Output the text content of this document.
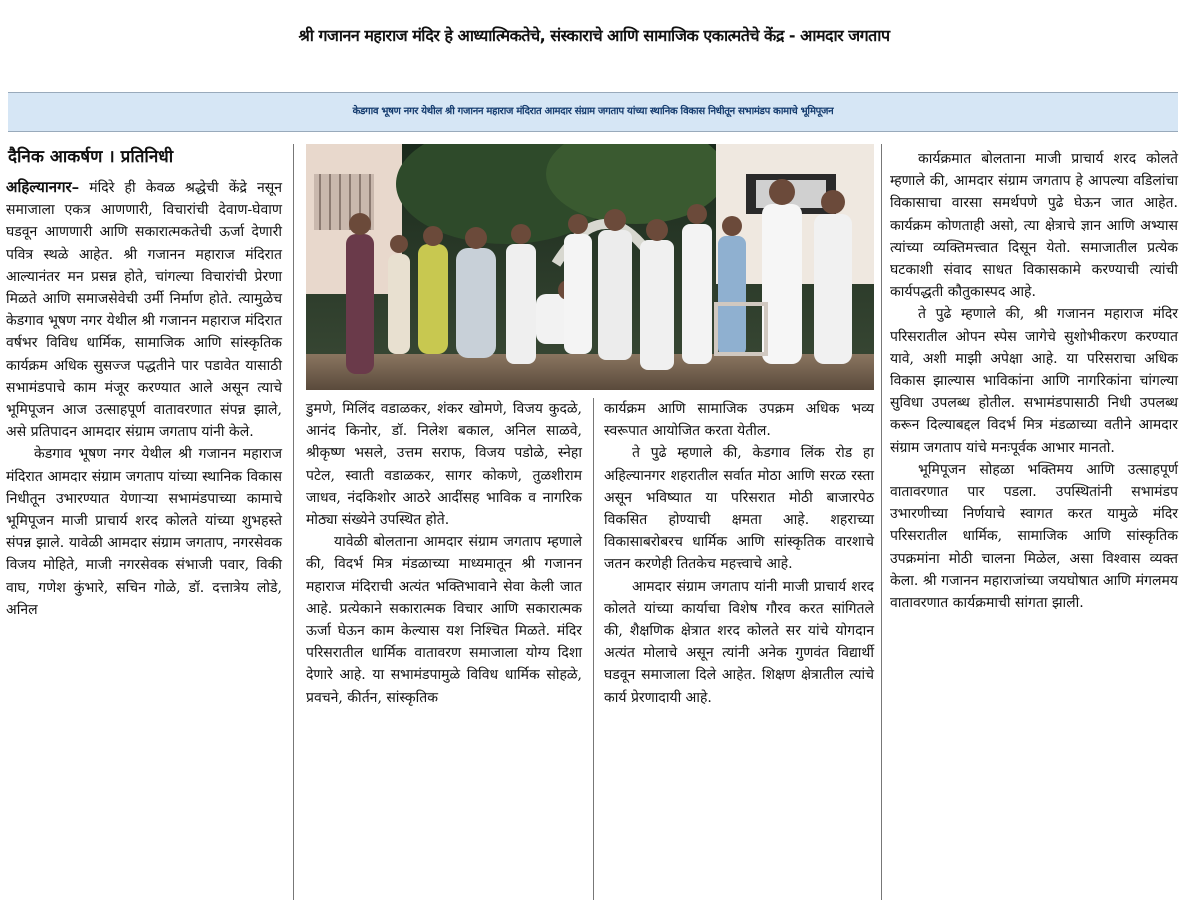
श्री गजानन महाराज मंदिर हे आध्यात्मिकतेचे, संस्काराचे आणि सामाजिक एकात्मतेचे केंद्र - आमदार जगताप
केडगाव भूषण नगर येथील श्री गजानन महाराज मंदिरात आमदार संग्राम जगताप यांच्या स्थानिक विकास निधीतून सभामंडप कामाचे भूमिपूजन
दैनिक आकर्षण । प्रतिनिधी

अहिल्यानगर– मंदिरे ही केवळ श्रद्धेची केंद्रे नसून समाजाला एकत्र आणणारी, विचारांची देवाण-घेवाण घडवून आणणारी आणि सकारात्मकतेची ऊर्जा देणारी पवित्र स्थळे आहेत. श्री गजानन महाराज मंदिरात आल्यानंतर मन प्रसन्न होते, चांगल्या विचारांची प्रेरणा मिळते आणि समाजसेवेची उर्मी निर्माण होते. त्यामुळेच केडगाव भूषण नगर येथील श्री गजानन महाराज मंदिरात वर्षभर विविध धार्मिक, सामाजिक आणि सांस्कृतिक कार्यक्रम अधिक सुसज्ज पद्धतीने पार पडावेत यासाठी सभामंडपाचे काम मंजूर करण्यात आले असून त्याचे भूमिपूजन आज उत्साहपूर्ण वातावरणात संपन्न झाले, असे प्रतिपादन आमदार संग्राम जगताप यांनी केले.

केडगाव भूषण नगर येथील श्री गजानन महाराज मंदिरात आमदार संग्राम जगताप यांच्या स्थानिक विकास निधीतून उभारण्यात येणाऱ्या सभामंडपाच्या कामाचे भूमिपूजन माजी प्राचार्य शरद कोलते यांच्या शुभहस्ते संपन्न झाले. यावेळी आमदार संग्राम जगताप, नगरसेवक विजय मोहिते, माजी नगरसेवक संभाजी पवार, विकी वाघ, गणेश कुंभारे, सचिन गोळे, डॉ. दत्तात्रेय लोडे, अनिल

डुमणे, मिलिंद वडाळकर, शंकर खोमणे, विजय कुदळे, आनंद किनोर, डॉ. निलेश बकाल, अनिल साळवे, श्रीकृष्ण भसले, उत्तम सराफ, विजय पडोळे, स्नेहा पटेल, स्वाती वडाळकर, सागर कोकणे, तुळशीराम जाधव, नंदकिशोर आठरे आदींसह भाविक व नागरिक मोठ्या संख्येने उपस्थित होते.

यावेळी बोलताना आमदार संग्राम जगताप म्हणाले की, विदर्भ मित्र मंडळाच्या माध्यमातून श्री गजानन महाराज मंदिराची अत्यंत भक्तिभावाने सेवा केली जात आहे. प्रत्येकाने सकारात्मक विचार आणि सकारात्मक ऊर्जा घेऊन काम केल्यास यश निश्चित मिळते. मंदिर परिसरातील धार्मिक वातावरण समाजाला योग्य दिशा देणारे आहे. या सभामंडपामुळे विविध धार्मिक सोहळे, प्रवचने, कीर्तन, सांस्कृतिक

कार्यक्रम आणि सामाजिक उपक्रम अधिक भव्य स्वरूपात आयोजित करता येतील.

ते पुढे म्हणाले की, केडगाव लिंक रोड हा अहिल्यानगर शहरातील सर्वात मोठा आणि सरळ रस्ता असून भविष्यात या परिसरात मोठी बाजारपेठ विकसित होण्याची क्षमता आहे. शहराच्या विकासाबरोबरच धार्मिक आणि सांस्कृतिक वारशाचे जतन करणेही तितकेच महत्त्वाचे आहे.

आमदार संग्राम जगताप यांनी माजी प्राचार्य शरद कोलते यांच्या कार्याचा विशेष गौरव करत सांगितले की, शैक्षणिक क्षेत्रात शरद कोलते सर यांचे योगदान अत्यंत मोलाचे असून त्यांनी अनेक गुणवंत विद्यार्थी घडवून समाजाला दिले आहेत. शिक्षण क्षेत्रातील त्यांचे कार्य प्रेरणादायी आहे.

कार्यक्रमात बोलताना माजी प्राचार्य शरद कोलते म्हणाले की, आमदार संग्राम जगताप हे आपल्या वडिलांचा विकासाचा वारसा समर्थपणे पुढे घेऊन जात आहेत. कार्यक्रम कोणताही असो, त्या क्षेत्राचे ज्ञान आणि अभ्यास त्यांच्या व्यक्तिमत्त्वात दिसून येतो. समाजातील प्रत्येक घटकाशी संवाद साधत विकासकामे करण्याची त्यांची कार्यपद्धती कौतुकास्पद आहे.

ते पुढे म्हणाले की, श्री गजानन महाराज मंदिर परिसरातील ओपन स्पेस जागेचे सुशोभीकरण करण्यात यावे, अशी माझी अपेक्षा आहे. या परिसराचा अधिक विकास झाल्यास भाविकांना आणि नागरिकांना चांगल्या सुविधा उपलब्ध होतील. सभामंडपासाठी निधी उपलब्ध करून दिल्याबद्दल विदर्भ मित्र मंडळाच्या वतीने आमदार संग्राम जगताप यांचे मनःपूर्वक आभार मानतो.

भूमिपूजन सोहळा भक्तिमय आणि उत्साहपूर्ण वातावरणात पार पडला. उपस्थितांनी सभामंडप उभारणीच्या निर्णयाचे स्वागत करत यामुळे मंदिर परिसरातील धार्मिक, सामाजिक आणि सांस्कृतिक उपक्रमांना मोठी चालना मिळेल, असा विश्वास व्यक्त केला. श्री गजानन महाराजांच्या जयघोषात आणि मंगलमय वातावरणात कार्यक्रमाची सांगता झाली.
